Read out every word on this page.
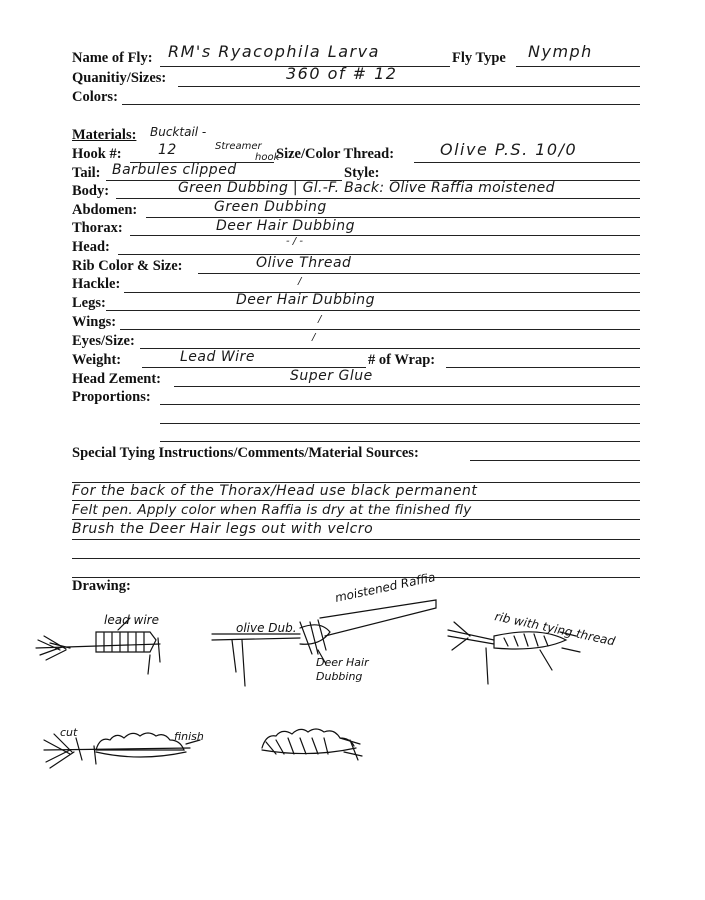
Name of Fly: RM's Ryacophila Larva	Fly Type Nymph
Quanitiy/Sizes:	360 of # 12
Colors:
Materials: Bucktail -
Hook #:	12	Streamer
hook
Size/Color Thread:	Olive P.S. 10/0
Tail: Barbules clipped	Style:
Body:	Green Dubbing | Gl.-F. Back: Olive Raffia moistened
Abdomen:	Green Dubbing
Thorax:	Deer Hair Dubbing
Head:	- / -
Rib Color & Size:	Olive Thread
Hackle:	/
Legs:	Deer Hair Dubbing
Wings:	/
Eyes/Size:	/
Weight:	Lead Wire	# of Wrap:
Head Zement:	Super Glue
Proportions:
Special Tying Instructions/Comments/Material Sources:
For the back of the Thorax/Head use black permanent
Felt pen. Apply color when Raffia is dry at the finished fly
Brush the Deer Hair legs out with velcro
Drawing:
lead wire
olive Dub.
moistened Raffia
Deer Hair
Dubbing
rib with tying thread
cut	finish
